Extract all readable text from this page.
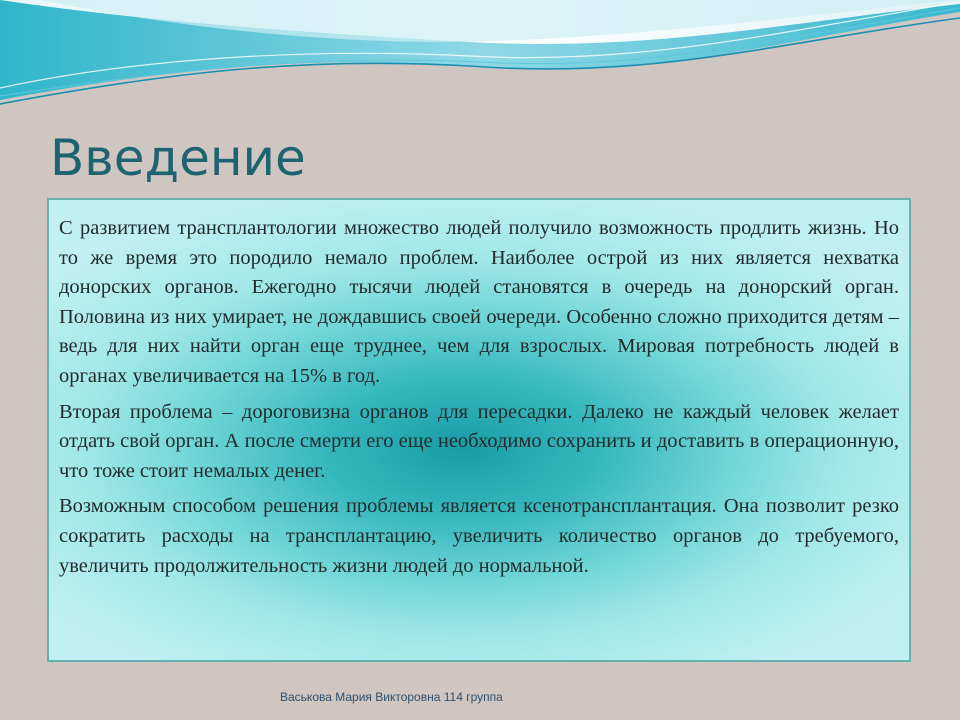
Введение

С развитием трансплантологии множество людей получило возможность продлить жизнь. Но то же время это породило немало проблем. Наиболее острой из них является нехватка донорских органов. Ежегодно тысячи людей становятся в очередь на донорский орган. Половина из них умирает, не дождавшись своей очереди. Особенно сложно приходится детям – ведь для них найти орган еще труднее, чем для взрослых. Мировая потребность людей в органах увеличивается на 15% в год.

Вторая проблема – дороговизна органов для пересадки. Далеко не каждый человек желает отдать свой орган. А после смерти его еще необходимо сохранить и доставить в операционную, что тоже стоит немалых денег.

Возможным способом решения проблемы является ксенотрансплантация. Она позволит резко сократить расходы на трансплантацию, увеличить количество органов до требуемого, увеличить продолжительность жизни людей до нормальной.

Васькова Мария Викторовна 114 группа
